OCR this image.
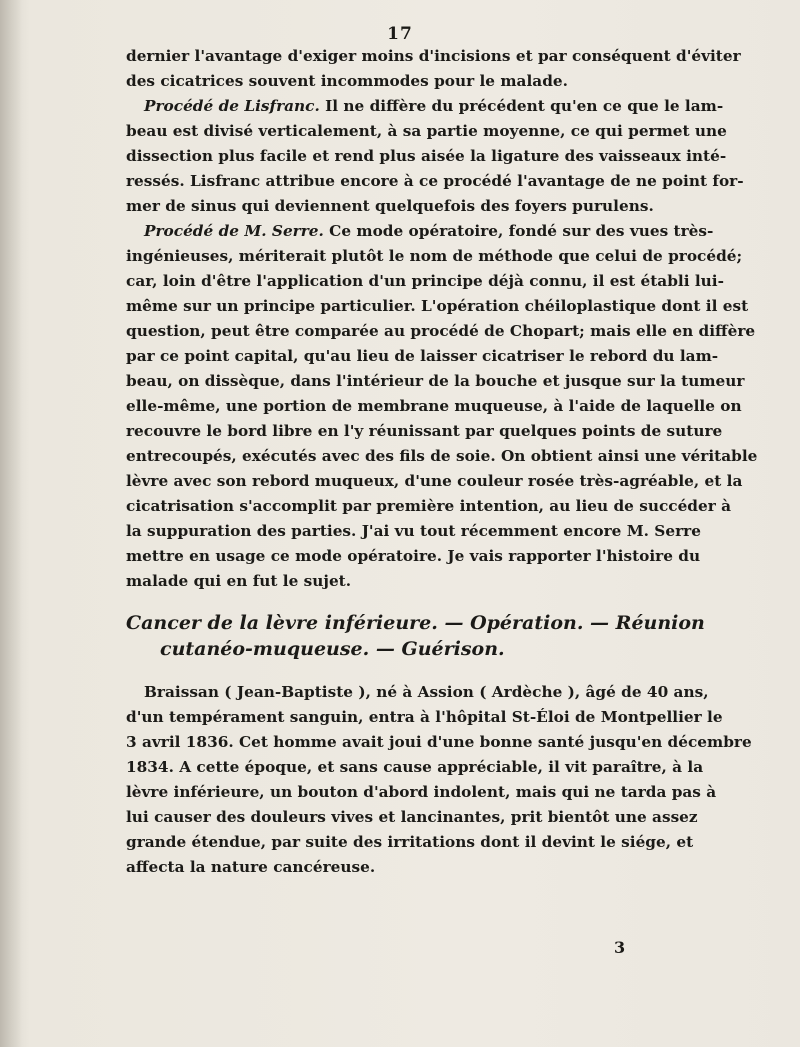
17
dernier l'avantage d'exiger moins d'incisions et par conséquent d'éviter
des cicatrices souvent incommodes pour le malade.
Procédé de Lisfranc. Il ne diffère du précédent qu'en ce que le lam-
beau est divisé verticalement, à sa partie moyenne, ce qui permet une
dissection plus facile et rend plus aisée la ligature des vaisseaux inté-
ressés. Lisfranc attribue encore à ce procédé l'avantage de ne point for-
mer de sinus qui deviennent quelquefois des foyers purulens.
Procédé de M. Serre. Ce mode opératoire, fondé sur des vues très-
ingénieuses, mériterait plutôt le nom de méthode que celui de procédé;
car, loin d'être l'application d'un principe déjà connu, il est établi lui-
même sur un principe particulier. L'opération chéiloplastique dont il est
question, peut être comparée au procédé de Chopart; mais elle en diffère
par ce point capital, qu'au lieu de laisser cicatriser le rebord du lam-
beau, on dissèque, dans l'intérieur de la bouche et jusque sur la tumeur
elle-même, une portion de membrane muqueuse, à l'aide de laquelle on
recouvre le bord libre en l'y réunissant par quelques points de suture
entrecoupés, exécutés avec des fils de soie. On obtient ainsi une véritable
lèvre avec son rebord muqueux, d'une couleur rosée très-agréable, et la
cicatrisation s'accomplit par première intention, au lieu de succéder à
la suppuration des parties. J'ai vu tout récemment encore M. Serre
mettre en usage ce mode opératoire. Je vais rapporter l'histoire du
malade qui en fut le sujet.
Cancer de la lèvre inférieure. — Opération. — Réunion
cutanéo-muqueuse. — Guérison.
Braissan ( Jean-Baptiste ), né à Assion ( Ardèche ), âgé de 40 ans,
d'un tempérament sanguin, entra à l'hôpital St-Éloi de Montpellier le
3 avril 1836. Cet homme avait joui d'une bonne santé jusqu'en décembre
1834. A cette époque, et sans cause appréciable, il vit paraître, à la
lèvre inférieure, un bouton d'abord indolent, mais qui ne tarda pas à
lui causer des douleurs vives et lancinantes, prit bientôt une assez
grande étendue, par suite des irritations dont il devint le siége, et
affecta la nature cancéreuse.
3
